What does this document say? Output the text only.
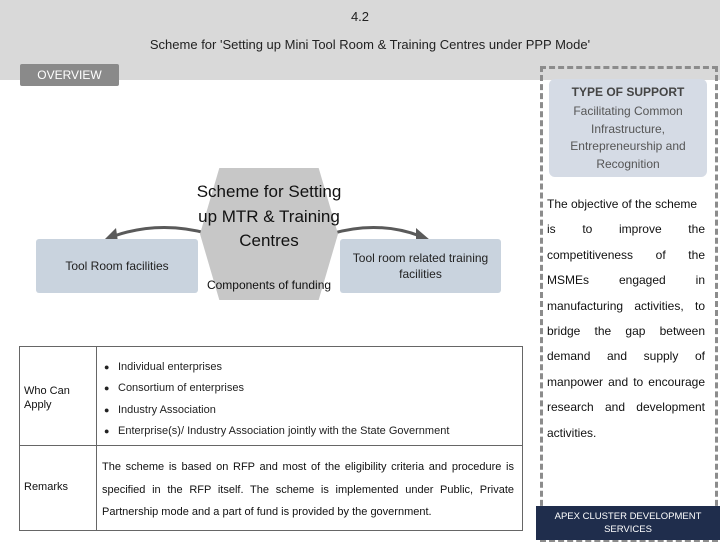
4.2
Scheme for 'Setting up Mini Tool Room & Training Centres under PPP Mode'
OVERVIEW
Tool Room facilities
Tool room related training facilities
Scheme for Setting up MTR & Training Centres
Components of funding
TYPE OF SUPPORT
Facilitating Common Infrastructure, Entrepreneurship and Recognition
The objective of the scheme
is to improve the competitiveness of the MSMEs engaged in manufacturing activities, to bridge the gap between demand and supply of manpower and to encourage research and development activities.
APEX CLUSTER DEVELOPMENT SERVICES
Who Can Apply
● Individual enterprises
● Consortium of enterprises
● Industry Association
● Enterprise(s)/ Industry Association jointly with the State Government
Remarks
The scheme is based on RFP and most of the eligibility criteria and procedure is specified in the RFP itself. The scheme is implemented under Public, Private Partnership mode and a part of fund is provided by the government.
